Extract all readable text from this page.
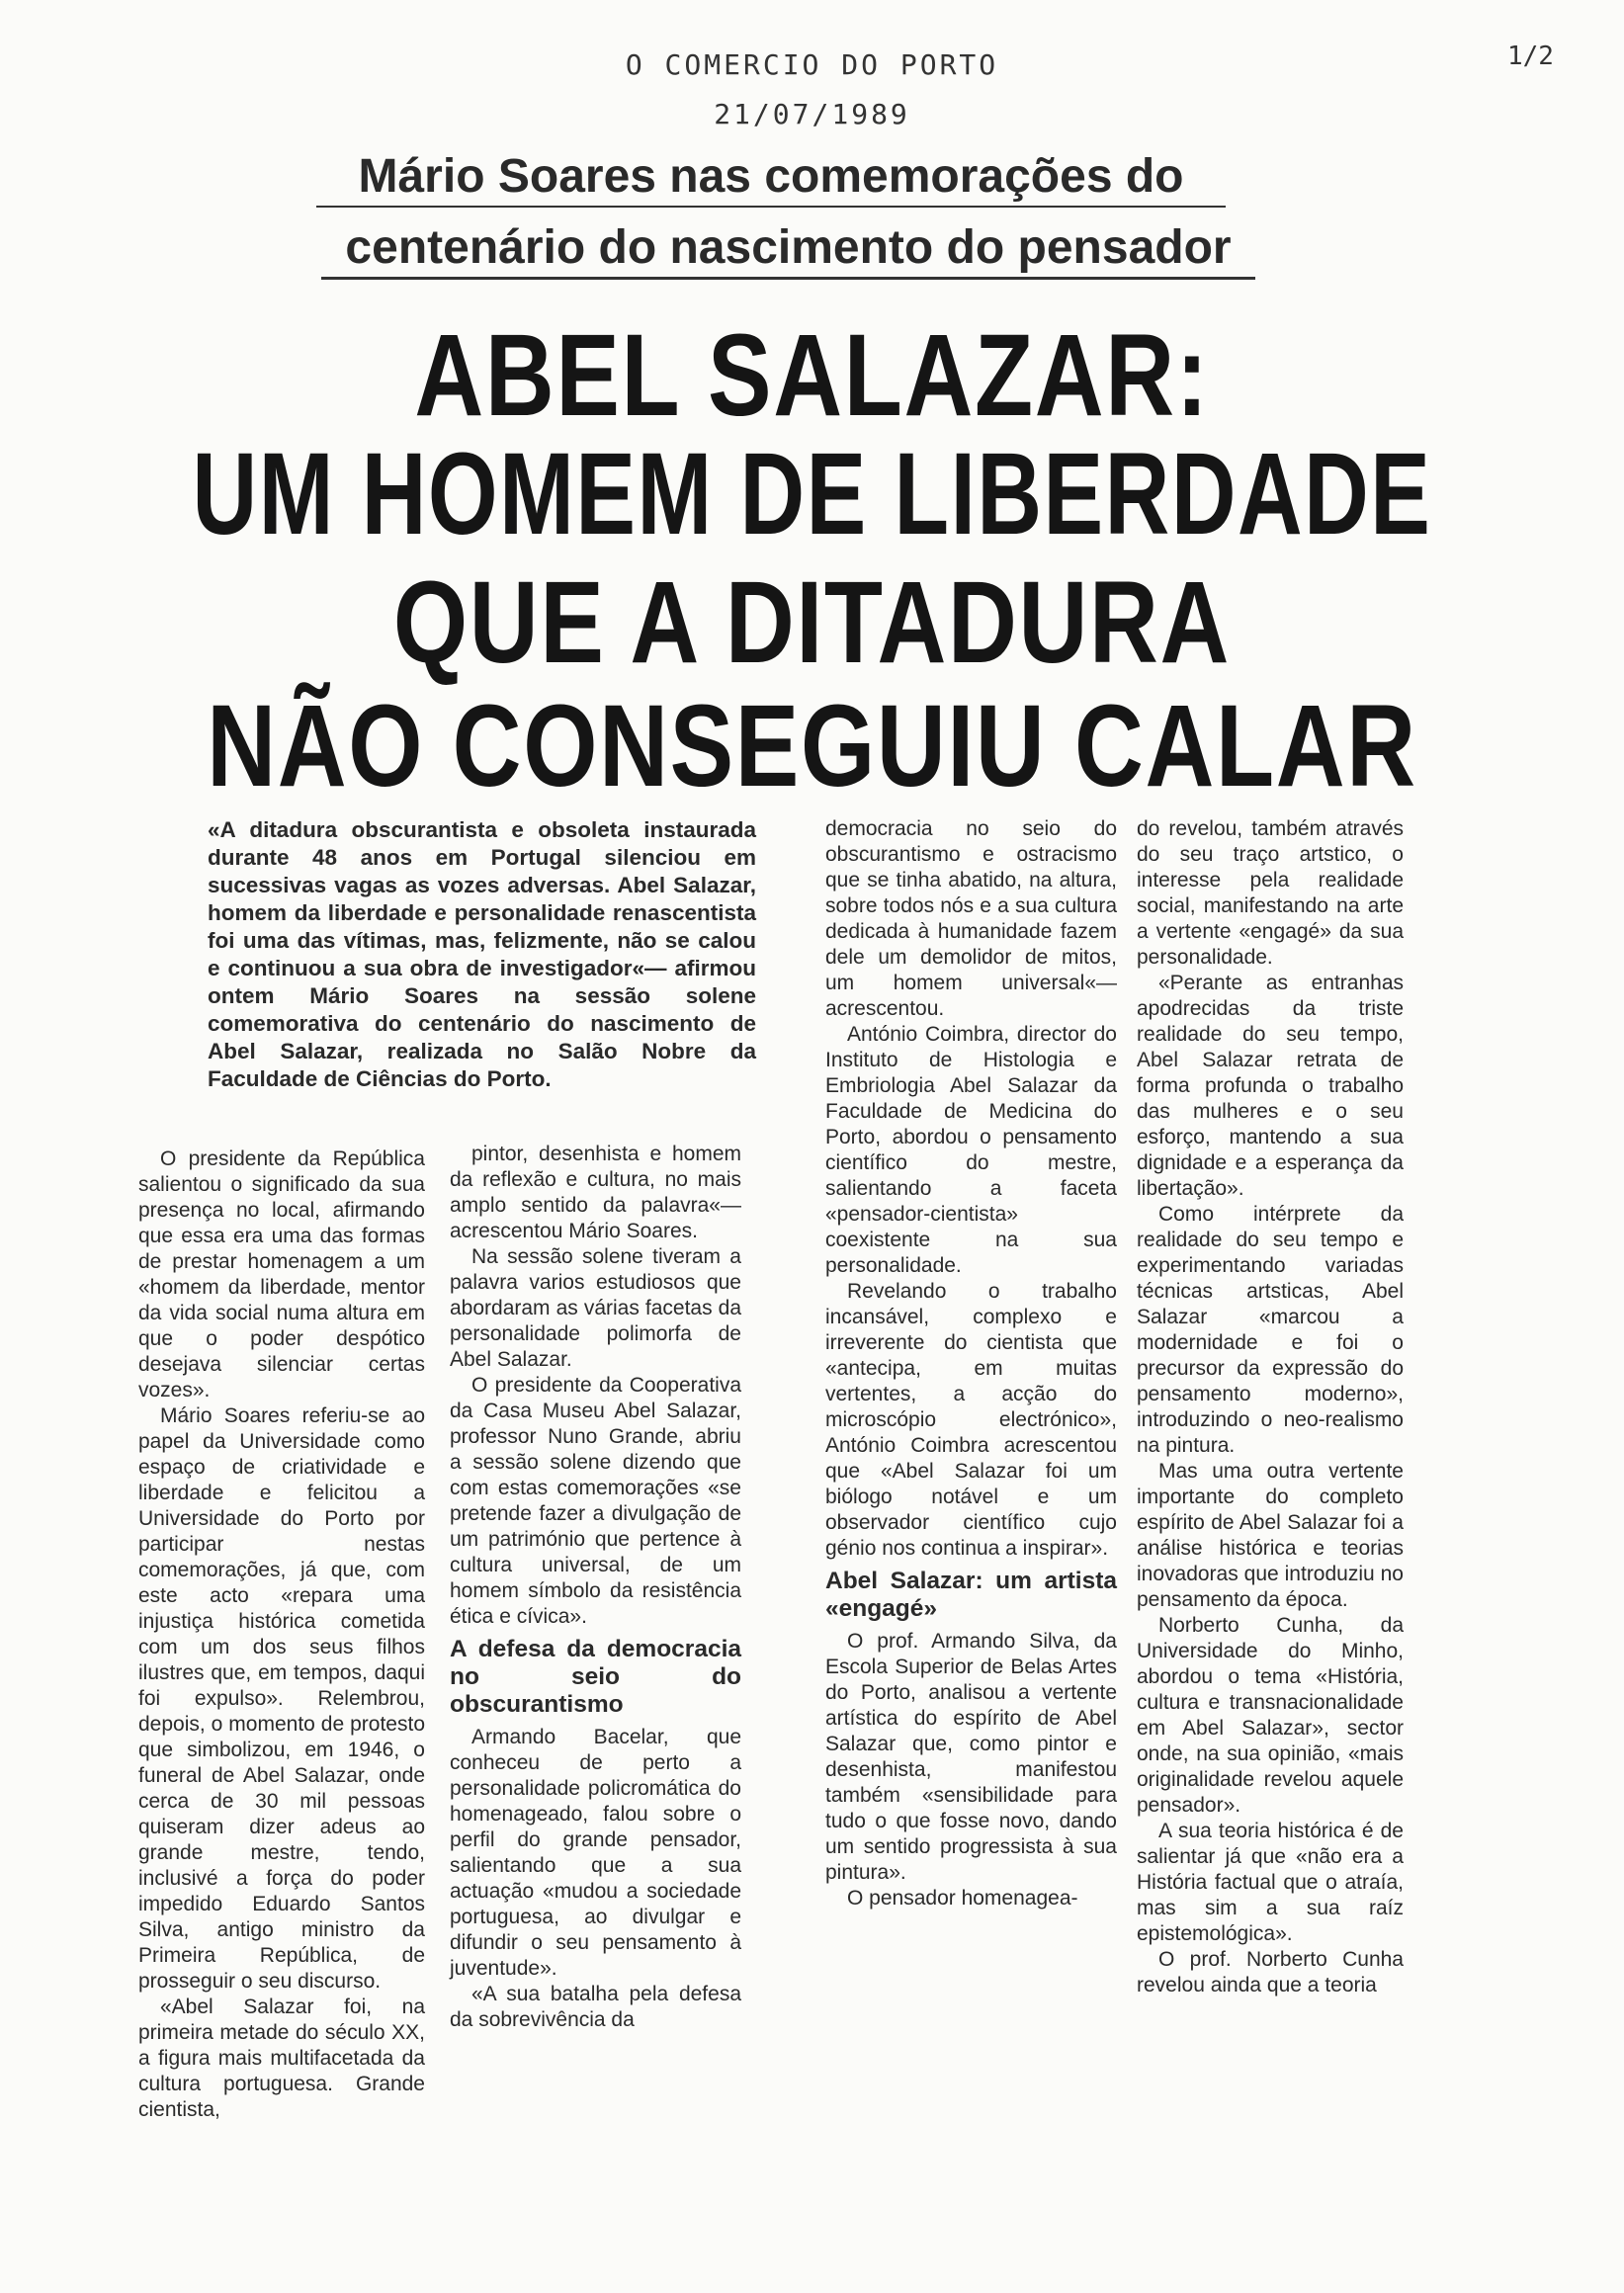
O COMERCIO DO PORTO
21/07/1989
1/2
Mário Soares nas comemorações do
centenário do nascimento do pensador
ABEL SALAZAR:
UM HOMEM DE LIBERDADE
QUE A DITADURA
NÃO CONSEGUIU CALAR

«A ditadura obscurantista e obsoleta instaurada durante 48 anos em Portugal silenciou em sucessivas vagas as vozes adversas. Abel Salazar, homem da liberdade e personalidade renascentista foi uma das vítimas, mas, felizmente, não se calou e continuou a sua obra de investigador«— afirmou ontem Mário Soares na sessão solene comemorativa do centenário do nascimento de Abel Salazar, realizada no Salão Nobre da Faculdade de Ciências do Porto.

O presidente da República salientou o significado da sua presença no local, afirmando que essa era uma das formas de prestar homenagem a um «homem da liberdade, mentor da vida social numa altura em que o poder despótico desejava silenciar certas vozes».

Mário Soares referiu-se ao papel da Universidade como espaço de criatividade e liberdade e felicitou a Universidade do Porto por participar nestas comemorações, já que, com este acto «repara uma injustiça histórica cometida com um dos seus filhos ilustres que, em tempos, daqui foi expulso». Relembrou, depois, o momento de protesto que simbolizou, em 1946, o funeral de Abel Salazar, onde cerca de 30 mil pessoas quiseram dizer adeus ao grande mestre, tendo, inclusivé a força do poder impedido Eduardo Santos Silva, antigo ministro da Primeira República, de prosseguir o seu discurso.

«Abel Salazar foi, na primeira metade do século XX, a figura mais multifacetada da cultura portuguesa. Grande cientista,

pintor, desenhista e homem da reflexão e cultura, no mais amplo sentido da palavra«— acrescentou Mário Soares.

Na sessão solene tiveram a palavra varios estudiosos que abordaram as várias facetas da personalidade polimorfa de Abel Salazar.

O presidente da Cooperativa da Casa Museu Abel Salazar, professor Nuno Grande, abriu a sessão solene dizendo que com estas comemorações «se pretende fazer a divulgação de um património que pertence à cultura universal, de um homem símbolo da resistência ética e cívica».

A defesa da democracia no seio do obscurantismo

Armando Bacelar, que conheceu de perto a personalidade policromática do homenageado, falou sobre o perfil do grande pensador, salientando que a sua actuação «mudou a sociedade portuguesa, ao divulgar e difundir o seu pensamento à juventude».

«A sua batalha pela defesa da sobrevivência da

democracia no seio do obscurantismo e ostracismo que se tinha abatido, na altura, sobre todos nós e a sua cultura dedicada à humanidade fazem dele um demolidor de mitos, um homem universal«— acrescentou.

António Coimbra, director do Instituto de Histologia e Embriologia Abel Salazar da Faculdade de Medicina do Porto, abordou o pensamento científico do mestre, salientando a faceta «pensador-cientista» coexistente na sua personalidade.

Revelando o trabalho incansável, complexo e irreverente do cientista que «antecipa, em muitas vertentes, a acção do microscópio electrónico», António Coimbra acrescentou que «Abel Salazar foi um biólogo notável e um observador científico cujo génio nos continua a inspirar».

Abel Salazar: um artista «engagé»

O prof. Armando Silva, da Escola Superior de Belas Artes do Porto, analisou a vertente artística do espírito de Abel Salazar que, como pintor e desenhista, manifestou também «sensibilidade para tudo o que fosse novo, dando um sentido progressista à sua pintura».

O pensador homenagea-

do revelou, também através do seu traço artstico, o interesse pela realidade social, manifestando na arte a vertente «engagé» da sua personalidade.

«Perante as entranhas apodrecidas da triste realidade do seu tempo, Abel Salazar retrata de forma profunda o trabalho das mulheres e o seu esforço, mantendo a sua dignidade e a esperança da libertação».

Como intérprete da realidade do seu tempo e experimentando variadas técnicas artsticas, Abel Salazar «marcou a modernidade e foi o precursor da expressão do pensamento moderno», introduzindo o neo-realismo na pintura.

Mas uma outra vertente importante do completo espírito de Abel Salazar foi a análise histórica e teorias inovadoras que introduziu no pensamento da época.

Norberto Cunha, da Universidade do Minho, abordou o tema «História, cultura e transnacionalidade em Abel Salazar», sector onde, na sua opinião, «mais originalidade revelou aquele pensador».

A sua teoria histórica é de salientar já que «não era a História factual que o atraía, mas sim a sua raíz epistemológica».

O prof. Norberto Cunha revelou ainda que a teoria
